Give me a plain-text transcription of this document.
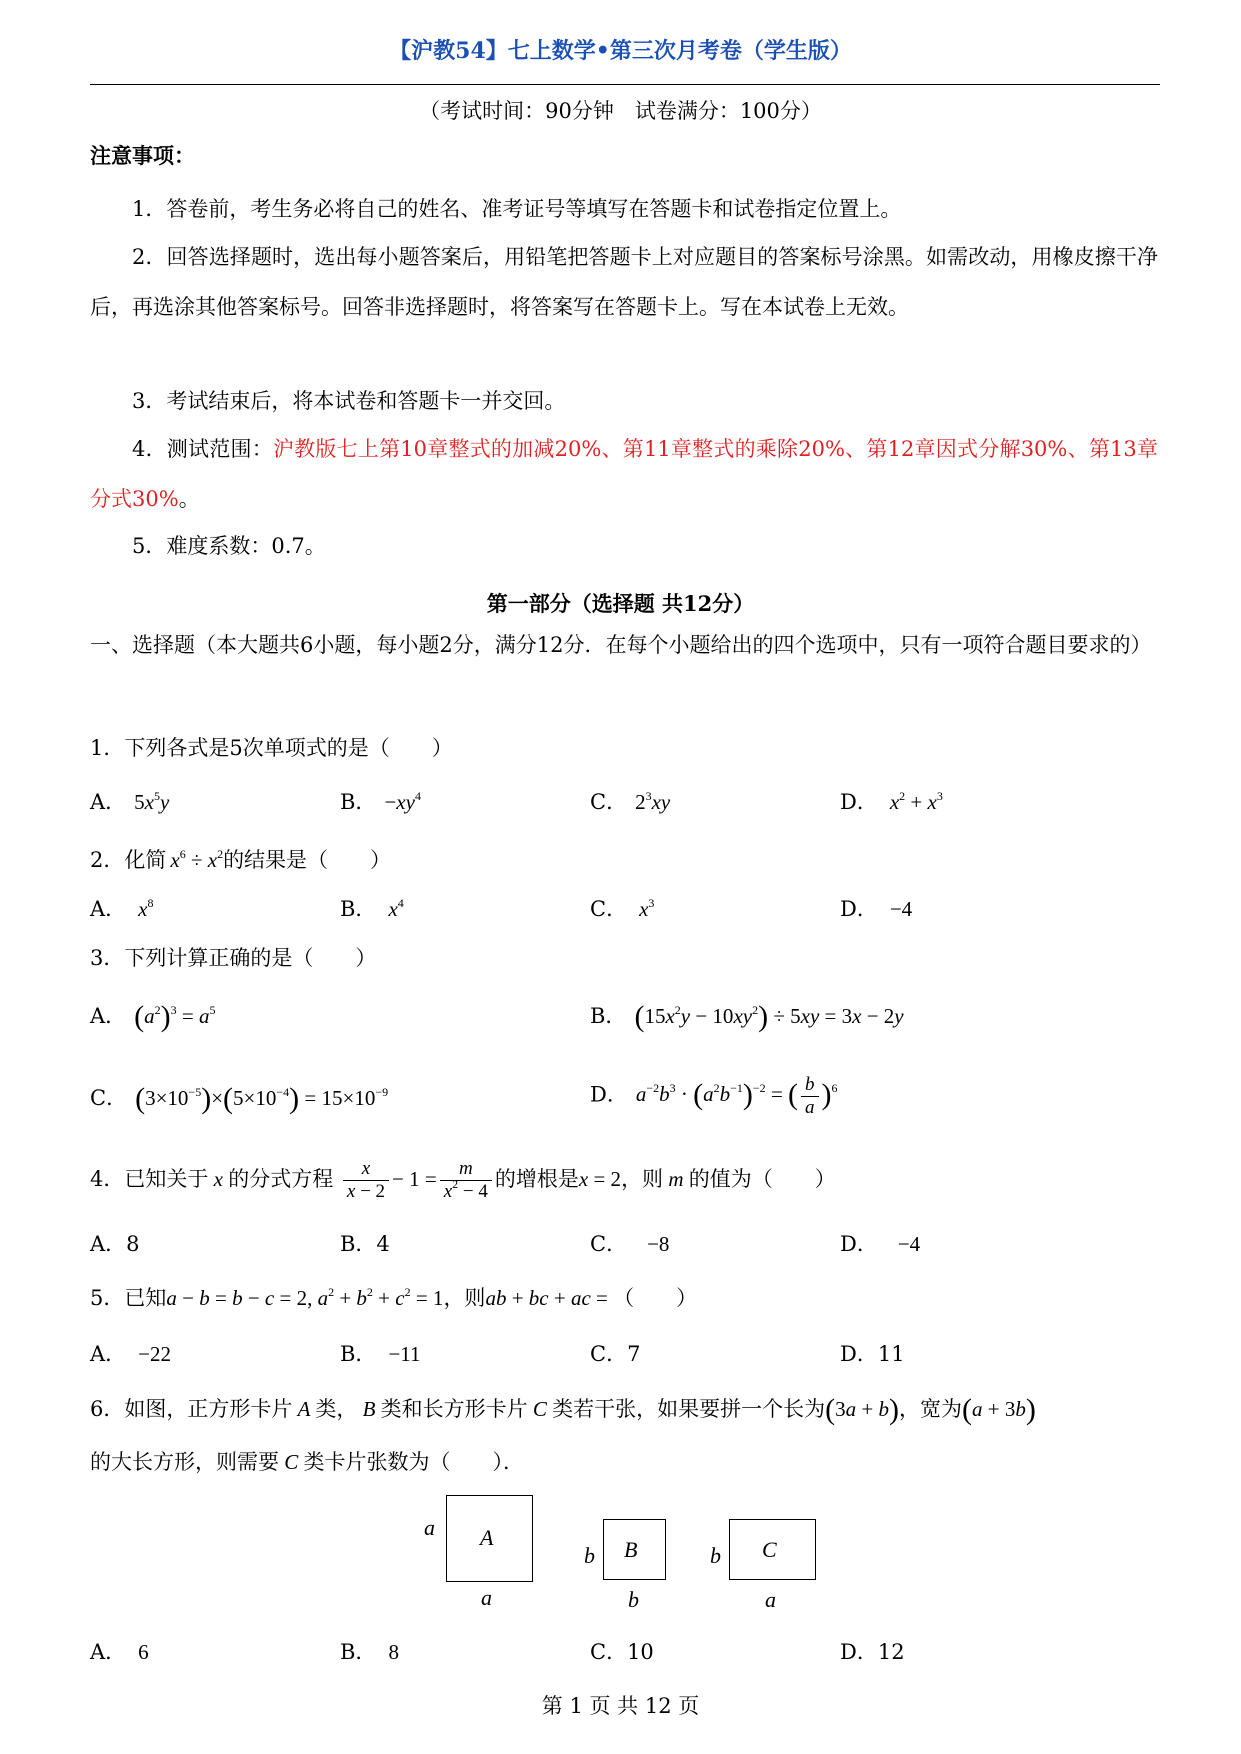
【沪教54】七上数学•第三次月考卷（学生版）
（考试时间：90分钟　试卷满分：100分）
注意事项：
1．答卷前，考生务必将自己的姓名、准考证号等填写在答题卡和试卷指定位置上。
2．回答选择题时，选出每小题答案后，用铅笔把答题卡上对应题目的答案标号涂黑。如需改动，用橡皮擦干净后，再选涂其他答案标号。回答非选择题时，将答案写在答题卡上。写在本试卷上无效。
3．考试结束后，将本试卷和答题卡一并交回。
4．测试范围：沪教版七上第10章整式的加减20%、第11章整式的乘除20%、第12章因式分解30%、第13章分式30%。
5．难度系数：0.7。
第一部分（选择题 共12分）
一、选择题（本大题共6小题，每小题2分，满分12分．在每个小题给出的四个选项中，只有一项符合题目要求的）
1．下列各式是5次单项式的是（　　）
A． $5x^5y$	B． $-xy^4$	C． $2^3xy$	D． $x^2 + x^3$
2．化简 $x^6 \div x^2$的结果是（　　）
A． $x^8$	B． $x^4$	C． $x^3$	D． −4
3．下列计算正确的是（　　）
A． $(a^2)^3 = a^5$	B． $(15x^2y - 10xy^2) \div 5xy = 3x - 2y$
C． $(3\times 10^{-5})\times(5\times 10^{-4}) = 15\times 10^{-9}$	D． $a^{-2}b^3 \cdot (a^2b^{-1})^{-2}$ = ( $\frac{b}{a} )^6$
4．已知关于 x 的分式方程 $\frac{x}{x - 2} - 1 = \frac{m}{x^2 - 4}$ 的增根是x = 2，则 m 的值为（　　）
A．8	B．4	C． −8	D． −4
5．已知a − b = b − c = 2, $a^2 + b^2 + c^2 = 1$，则ab + bc + ac = （　　）
A． −22	B． −11	C．7	D．11
6．如图，正方形卡片 A 类， B 类和长方形卡片 C 类若干张，如果要拼一个长为(3a + b)，宽为(a + 3b)
的大长方形，则需要 C 类卡片张数为（　　）．
a A
a
b B
b
b C
a
A． 6	B． 8	C．10	D．12
第 1 页 共 12 页
